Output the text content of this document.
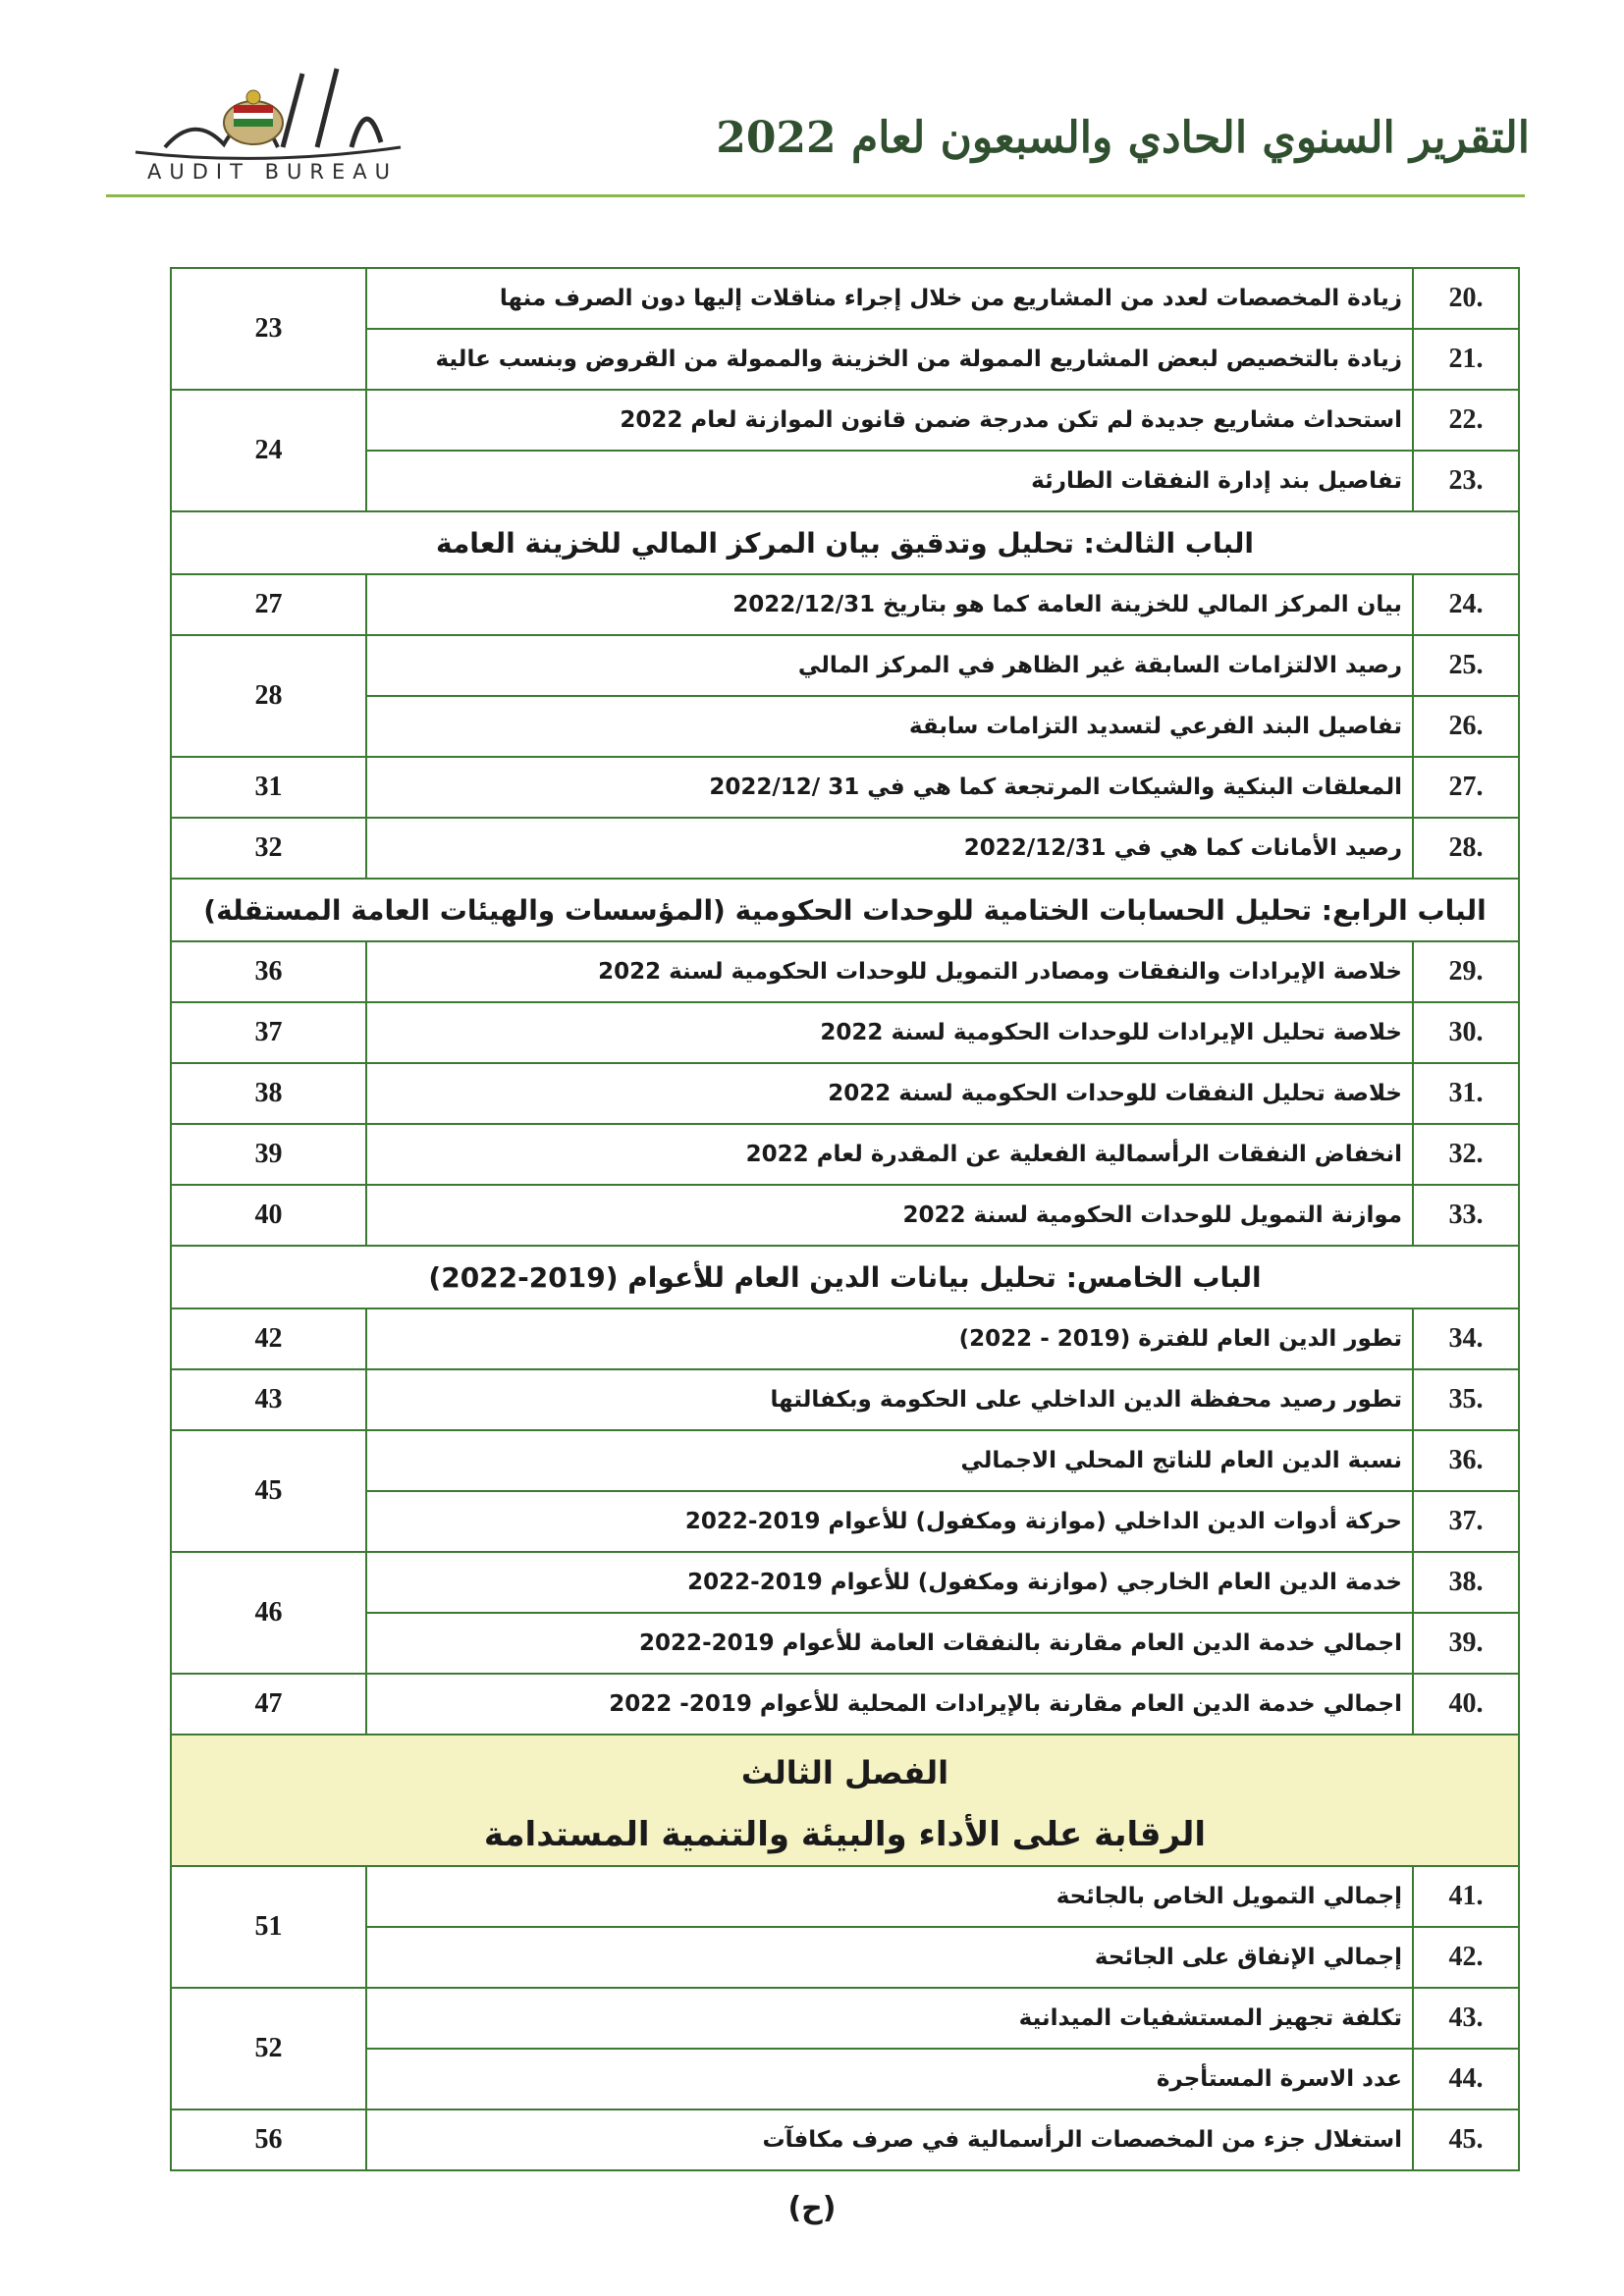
AUDIT BUREAU
التقرير السنوي الحادي والسبعون لعام 2022
.20	زيادة المخصصات لعدد من المشاريع من خلال إجراء مناقلات إليها دون الصرف منها	23
.21	زيادة بالتخصيص لبعض المشاريع الممولة من الخزينة والممولة من القروض وبنسب عالية	
.22	استحداث مشاريع جديدة لم تكن مدرجة ضمن قانون الموازنة لعام 2022	24
.23	تفاصيل بند إدارة النفقات الطارئة	
الباب الثالث: تحليل وتدقيق بيان المركز المالي للخزينة العامة		
.24	بيان المركز المالي للخزينة العامة كما هو بتاريخ 2022/12/31	27
.25	رصيد الالتزامات السابقة غير الظاهر في المركز المالي	28
.26	تفاصيل البند الفرعي لتسديد التزامات سابقة	
.27	المعلقات البنكية والشيكات المرتجعة كما هي في 31 /2022/12	31
.28	رصيد الأمانات كما هي في 2022/12/31	32
الباب الرابع: تحليل الحسابات الختامية للوحدات الحكومية (المؤسسات والهيئات العامة المستقلة)		
.29	خلاصة الإيرادات والنفقات ومصادر التمويل للوحدات الحكومية لسنة 2022	36
.30	خلاصة تحليل الإيرادات للوحدات الحكومية لسنة 2022	37
.31	خلاصة تحليل النفقات للوحدات الحكومية لسنة 2022	38
.32	انخفاض النفقات الرأسمالية الفعلية عن المقدرة لعام 2022	39
.33	موازنة التمويل للوحدات الحكومية لسنة 2022	40
الباب الخامس: تحليل بيانات الدين العام للأعوام (2019-2022)		
.34	تطور الدين العام للفترة (2019 - 2022)	42
.35	تطور رصيد محفظة الدين الداخلي على الحكومة وبكفالتها	43
.36	نسبة الدين العام للناتج المحلي الاجمالي	45
.37	حركة أدوات الدين الداخلي (موازنة ومكفول) للأعوام 2019-2022	
.38	خدمة الدين العام الخارجي (موازنة ومكفول) للأعوام 2019-2022	46
.39	اجمالي خدمة الدين العام مقارنة بالنفقات العامة للأعوام 2019-2022	
.40	اجمالي خدمة الدين العام مقارنة بالإيرادات المحلية للأعوام 2019- 2022	47

الفصل الثالث
الرقابة على الأداء والبيئة والتنمية المستدامة		

.41	إجمالي التمويل الخاص بالجائحة	51
.42	إجمالي الإنفاق على الجائحة	
.43	تكلفة تجهيز المستشفيات الميدانية	52
.44	عدد الاسرة المستأجرة	
.45	استغلال جزء من المخصصات الرأسمالية في صرف مكافآت	56
(ح)
